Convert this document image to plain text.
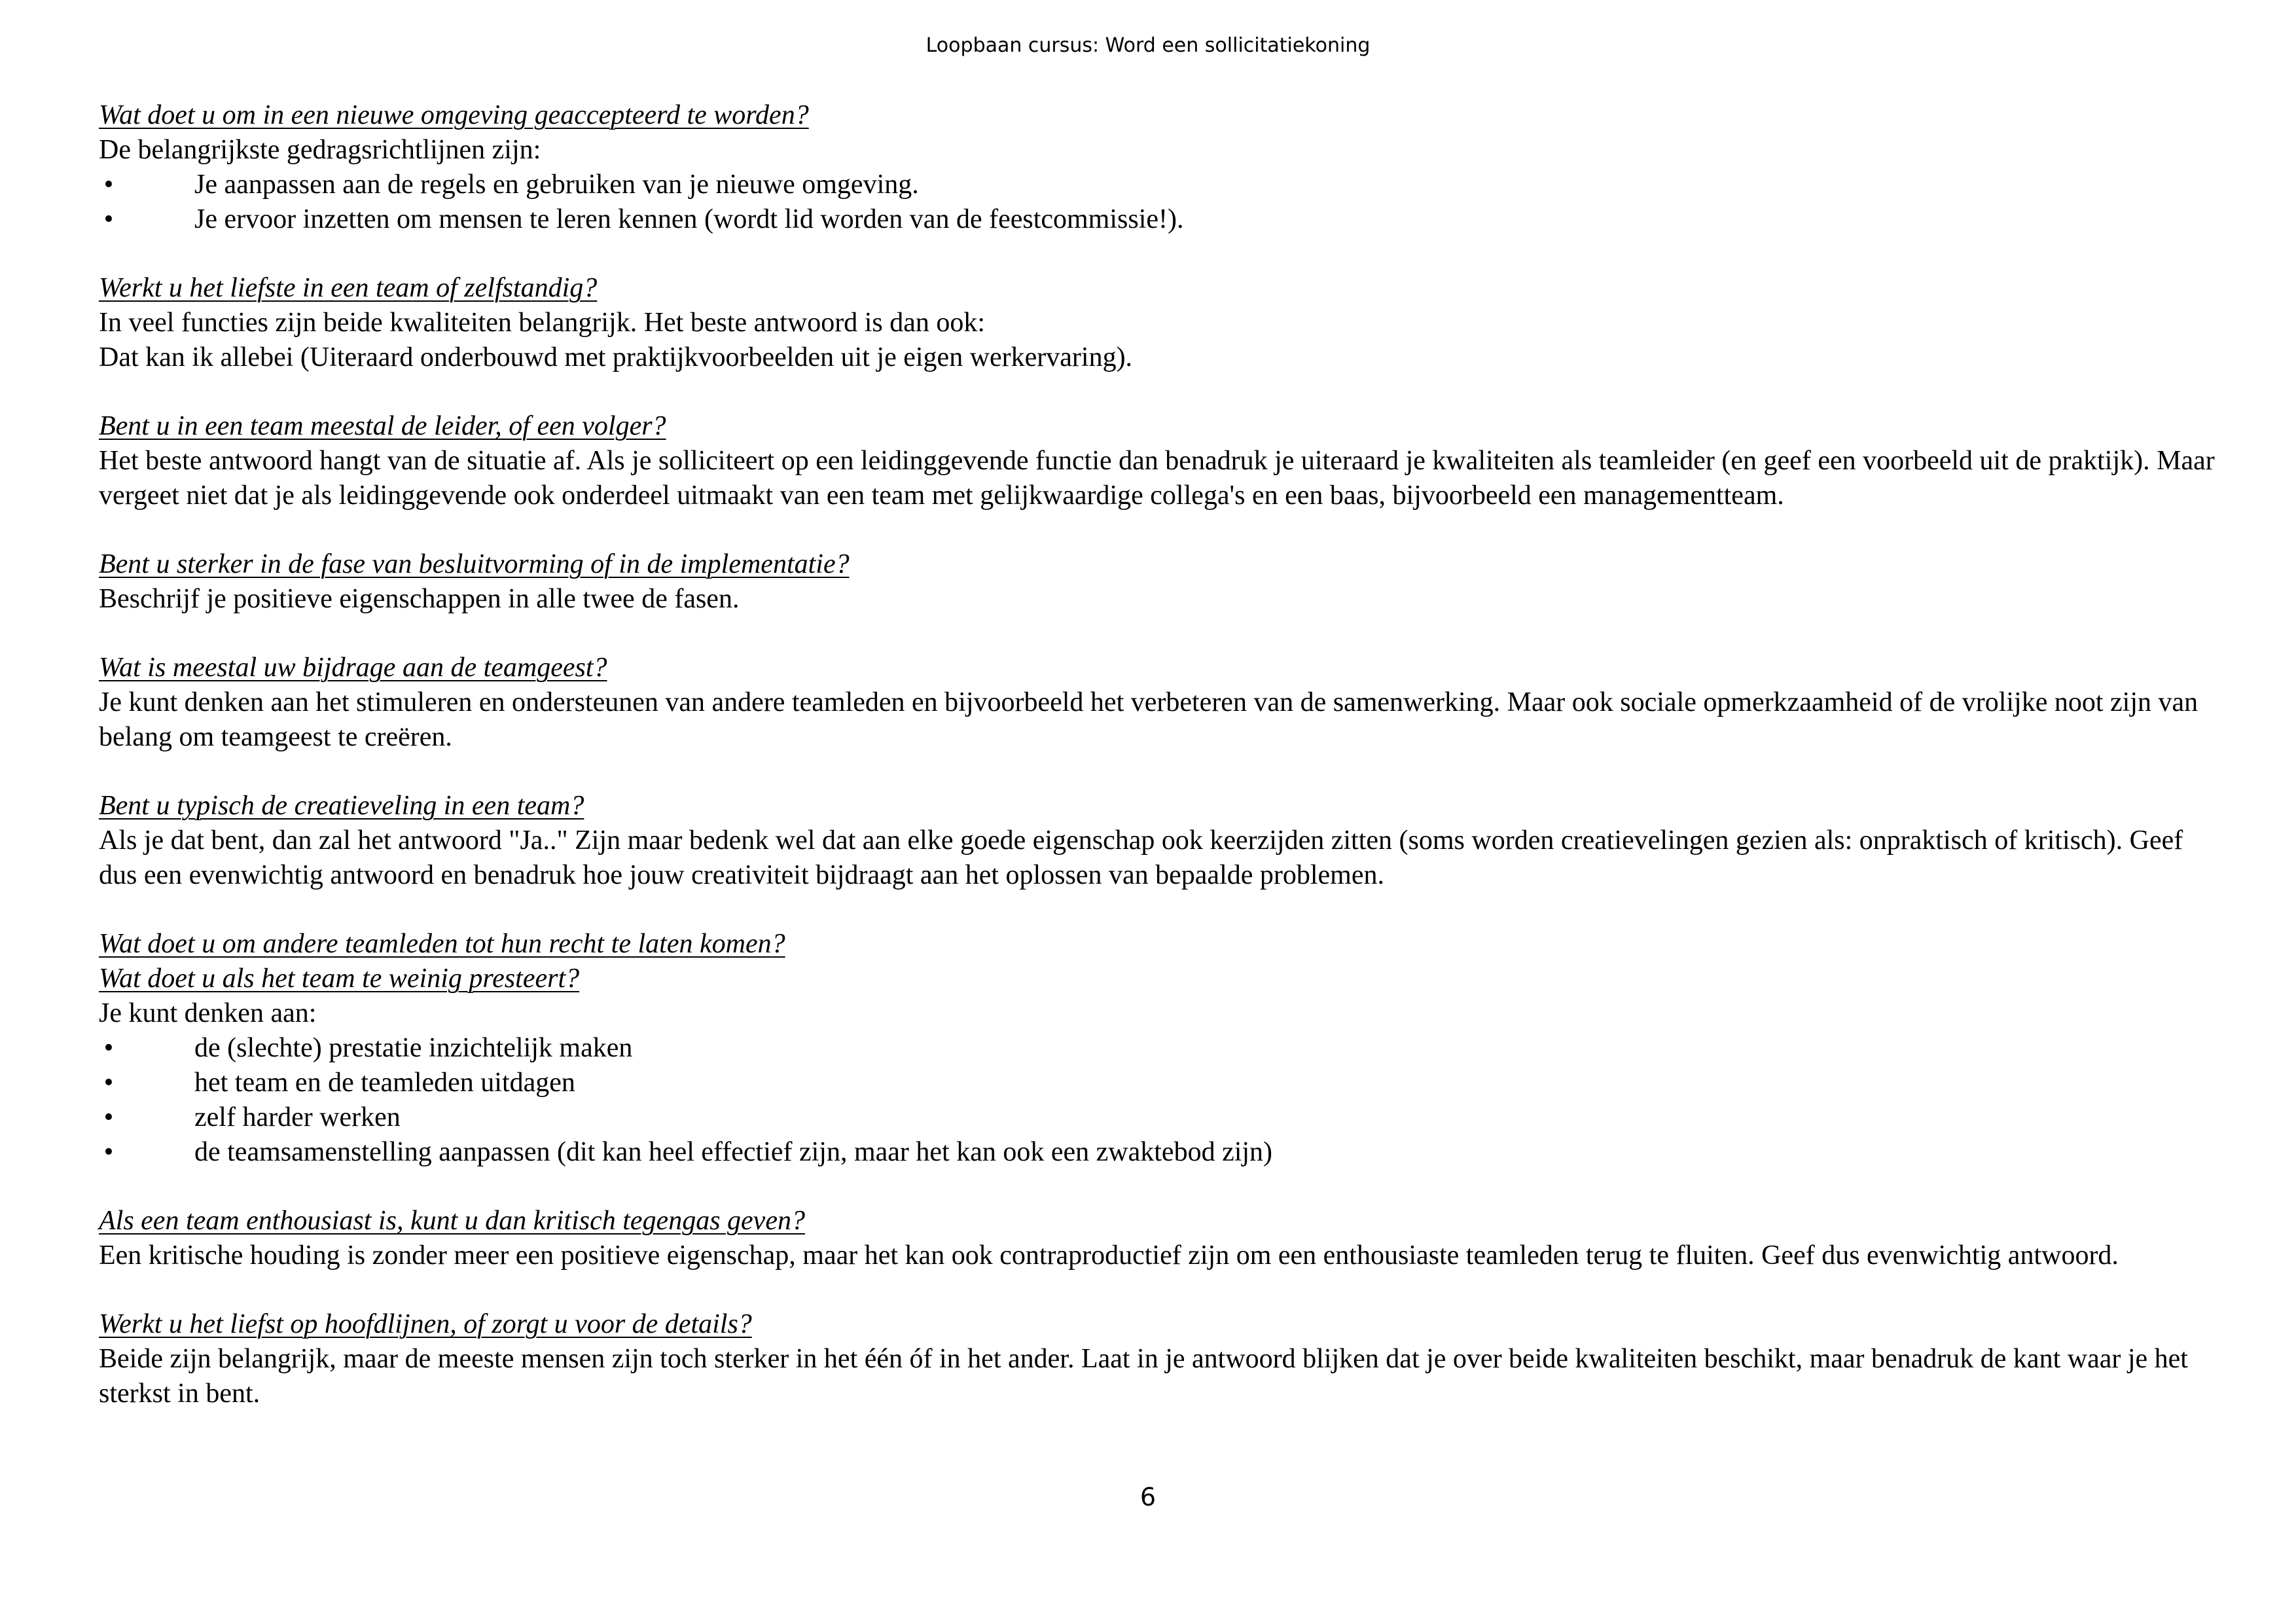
Loopbaan cursus: Word een sollicitatiekoning
Wat doet u om in een nieuwe omgeving geaccepteerd te worden?
De belangrijkste gedragsrichtlijnen zijn:
•	Je aanpassen aan de regels en gebruiken van je nieuwe omgeving.
•	Je ervoor inzetten om mensen te leren kennen (wordt lid worden van de feestcommissie!).
Werkt u het liefste in een team of zelfstandig?
In veel functies zijn beide kwaliteiten belangrijk. Het beste antwoord is dan ook:
Dat kan ik allebei (Uiteraard onderbouwd met praktijkvoorbeelden uit je eigen werkervaring).
Bent u in een team meestal de leider, of een volger?
Het beste antwoord hangt van de situatie af. Als je solliciteert op een leidinggevende functie dan benadruk je uiteraard je kwaliteiten als teamleider (en geef een voorbeeld uit de praktijk). Maar vergeet niet dat je als leidinggevende ook onderdeel uitmaakt van een team met gelijkwaardige collega's en een baas, bijvoorbeeld een managementteam.
Bent u sterker in de fase van besluitvorming of in de implementatie?
Beschrijf je positieve eigenschappen in alle twee de fasen.
Wat is meestal uw bijdrage aan de teamgeest?
Je kunt denken aan het stimuleren en ondersteunen van andere teamleden en bijvoorbeeld het verbeteren van de samenwerking. Maar ook sociale opmerkzaamheid of de vrolijke noot zijn van belang om teamgeest te creëren.
Bent u typisch de creatieveling in een team?
Als je dat bent, dan zal het antwoord "Ja.." Zijn maar bedenk wel dat aan elke goede eigenschap ook keerzijden zitten (soms worden creatievelingen gezien als: onpraktisch of kritisch). Geef dus een evenwichtig antwoord en benadruk hoe jouw creativiteit bijdraagt aan het oplossen van bepaalde problemen.
Wat doet u om andere teamleden tot hun recht te laten komen?
Wat doet u als het team te weinig presteert?
Je kunt denken aan:
•	de (slechte) prestatie inzichtelijk maken
•	het team en de teamleden uitdagen
•	zelf harder werken
•	de teamsamenstelling aanpassen (dit kan heel effectief zijn, maar het kan ook een zwaktebod zijn)
Als een team enthousiast is, kunt u dan kritisch tegengas geven?
Een kritische houding is zonder meer een positieve eigenschap, maar het kan ook contraproductief zijn om een enthousiaste teamleden terug te fluiten. Geef dus evenwichtig antwoord.
Werkt u het liefst op hoofdlijnen, of zorgt u voor de details?
Beide zijn belangrijk, maar de meeste mensen zijn toch sterker in het één óf in het ander. Laat in je antwoord blijken dat je over beide kwaliteiten beschikt, maar benadruk de kant waar je het sterkst in bent.
6
